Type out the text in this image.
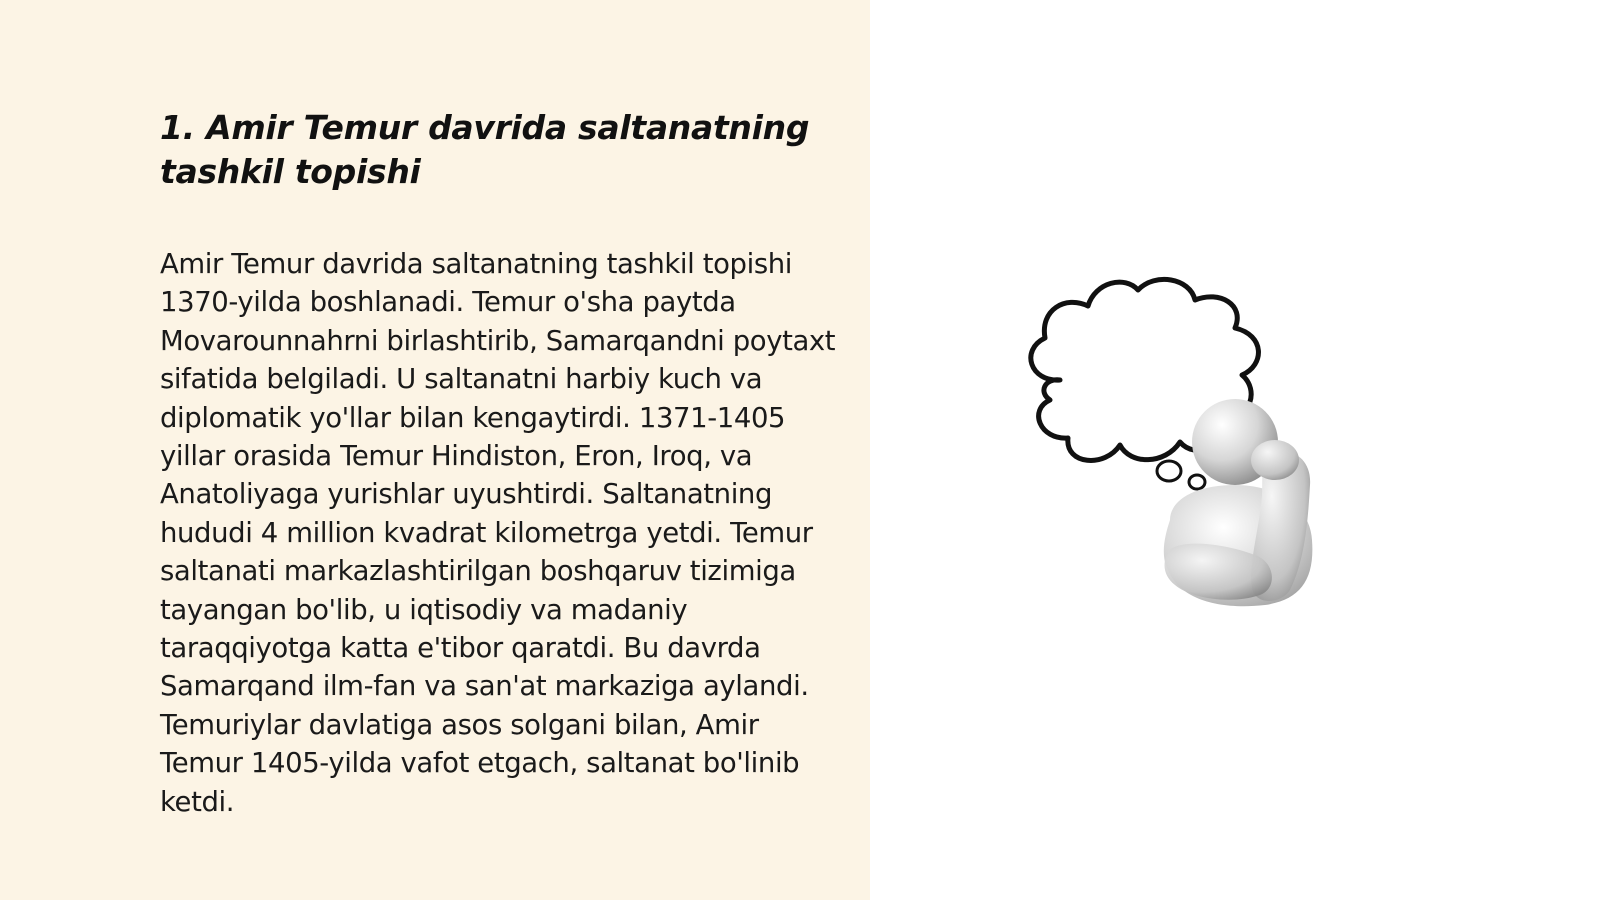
1. Amir Temur davrida saltanatning tashkil topishi

Amir Temur davrida saltanatning tashkil topishi 1370-yilda boshlanadi. Temur o'sha paytda Movarounnahrni birlashtirib, Samarqandni poytaxt sifatida belgiladi. U saltanatni harbiy kuch va diplomatik yo'llar bilan kengaytirdi. 1371-1405 yillar orasida Temur Hindiston, Eron, Iroq, va Anatoliyaga yurishlar uyushtirdi. Saltanatning hududi 4 million kvadrat kilometrga yetdi. Temur saltanati markazlashtirilgan boshqaruv tizimiga tayangan bo'lib, u iqtisodiy va madaniy taraqqiyotga katta e'tibor qaratdi. Bu davrda Samarqand ilm-fan va san'at markaziga aylandi. Temuriylar davlatiga asos solgani bilan, Amir Temur 1405-yilda vafot etgach, saltanat bo'linib ketdi.
